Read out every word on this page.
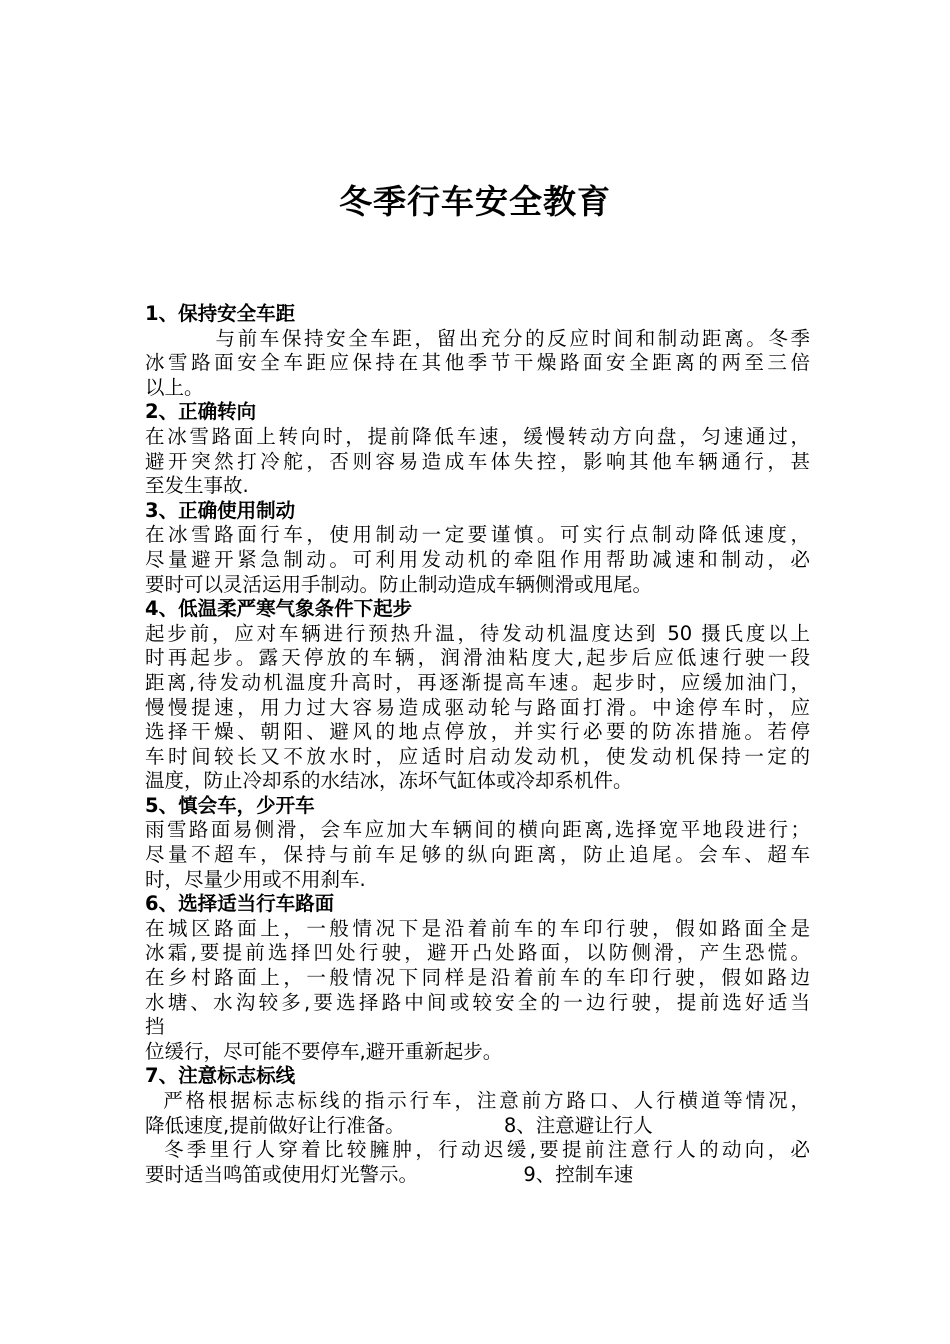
冬季行车安全教育
1、保持安全车距
与前车保持安全车距，留出充分的反应时间和制动距离。冬季
冰雪路面安全车距应保持在其他季节干燥路面安全距离的两至三倍
以上。
2、正确转向
在冰雪路面上转向时，提前降低车速，缓慢转动方向盘，匀速通过，
避开突然打冷舵，否则容易造成车体失控，影响其他车辆通行，甚
至发生事故.
3、正确使用制动
在冰雪路面行车，使用制动一定要谨慎。可实行点制动降低速度，
尽量避开紧急制动。可利用发动机的牵阻作用帮助减速和制动，必
要时可以灵活运用手制动。防止制动造成车辆侧滑或甩尾。
4、低温柔严寒气象条件下起步
起步前，应对车辆进行预热升温，待发动机温度达到 50 摄氏度以上
时再起步。露天停放的车辆，润滑油粘度大,起步后应低速行驶一段
距离,待发动机温度升高时，再逐渐提高车速。起步时，应缓加油门，
慢慢提速，用力过大容易造成驱动轮与路面打滑。中途停车时，应
选择干燥、朝阳、避风的地点停放，并实行必要的防冻措施。若停
车时间较长又不放水时，应适时启动发动机，使发动机保持一定的
温度，防止冷却系的水结冰，冻坏气缸体或冷却系机件。
5、慎会车，少开车
雨雪路面易侧滑，会车应加大车辆间的横向距离,选择宽平地段进行；
尽量不超车，保持与前车足够的纵向距离，防止追尾。会车、超车
时，尽量少用或不用刹车.
6、选择适当行车路面
在城区路面上，一般情况下是沿着前车的车印行驶，假如路面全是
冰霜,要提前选择凹处行驶，避开凸处路面，以防侧滑，产生恐慌。
在乡村路面上，一般情况下同样是沿着前车的车印行驶，假如路边
水塘、水沟较多,要选择路中间或较安全的一边行驶，提前选好适当
挡
位缓行，尽可能不要停车,避开重新起步。
7、注意标志标线
严格根据标志标线的指示行车，注意前方路口、人行横道等情况，
降低速度,提前做好让行准备。                8、注意避让行人
冬季里行人穿着比较臃肿，行动迟缓,要提前注意行人的动向，必
要时适当鸣笛或使用灯光警示。                 9、控制车速
